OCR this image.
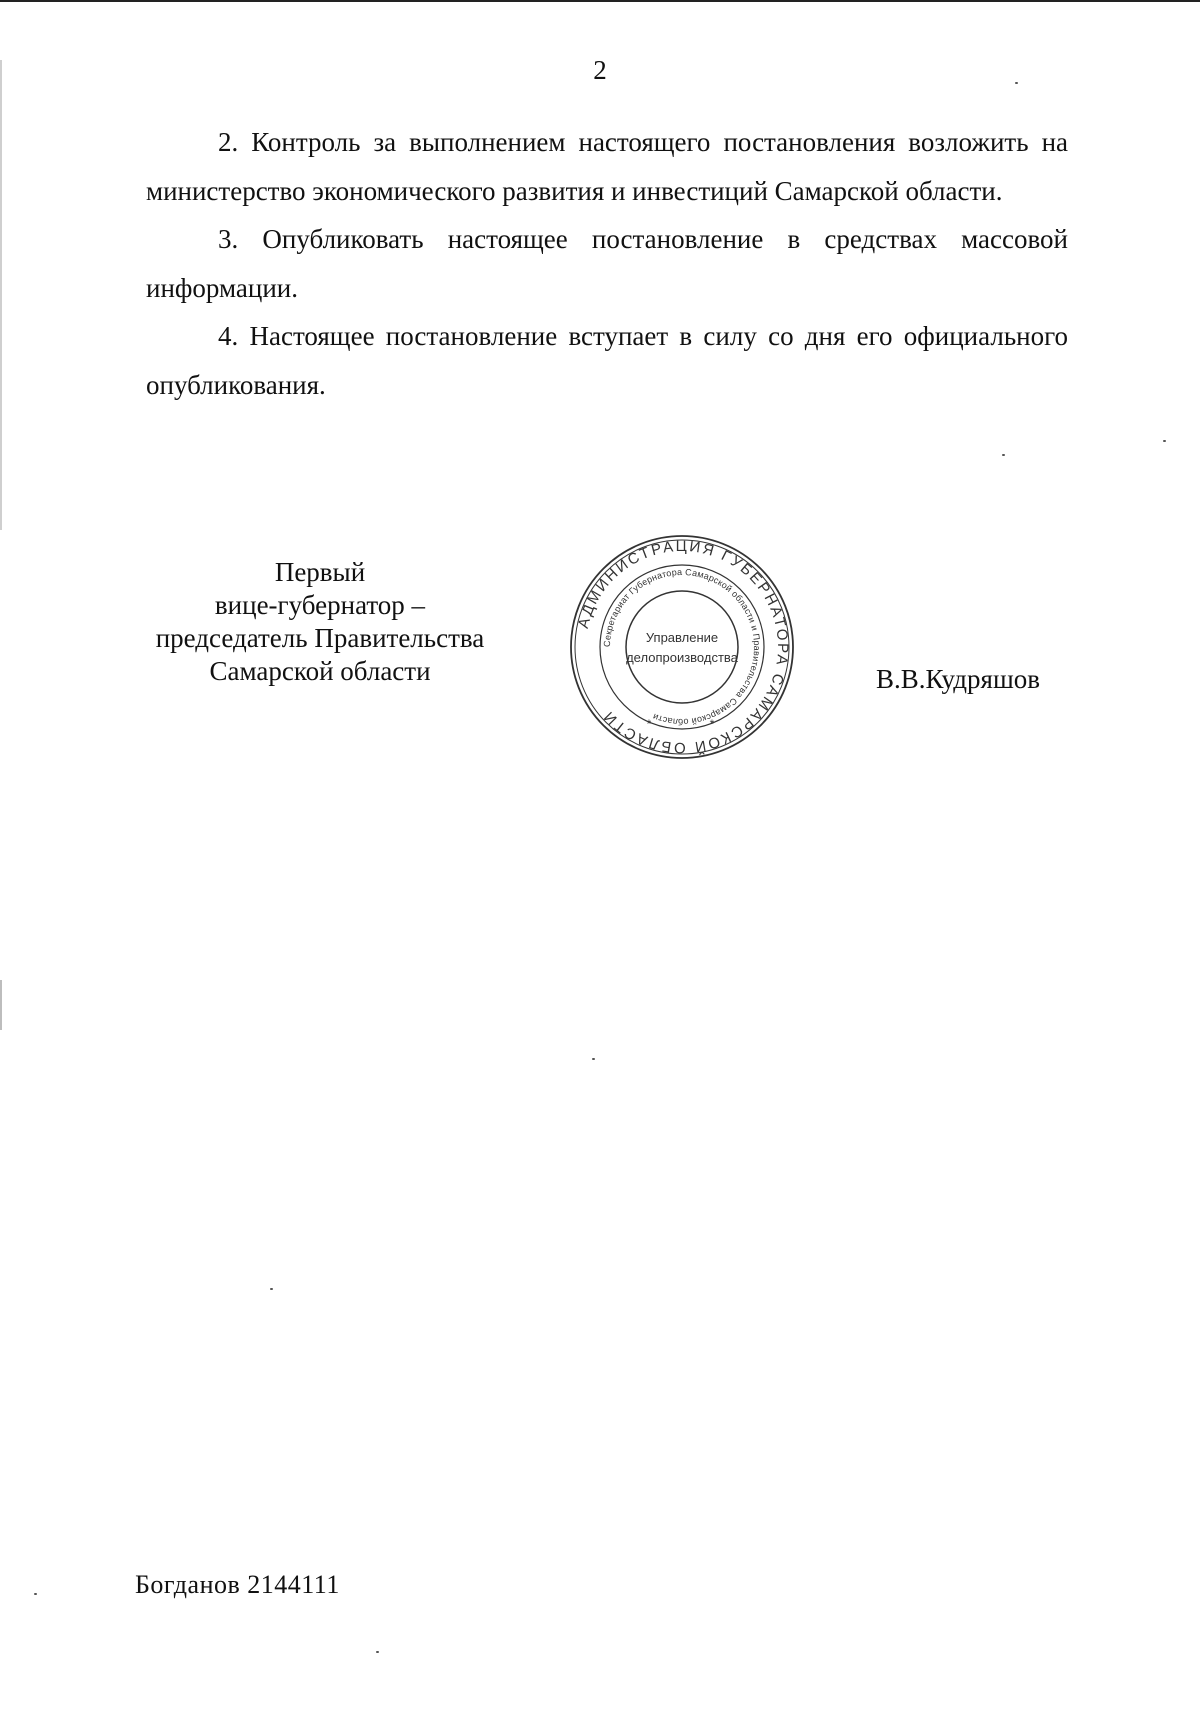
2

2. Контроль за выполнением настоящего постановления возложить на министерство экономического развития и инвестиций Самарской области.

3. Опубликовать настоящее постановление в средствах массовой информации.

4. Настоящее постановление вступает в силу со дня его официального опубликования.

Первый
вице-губернатор –
председатель Правительства
Самарской области
АДМИНИСТРАЦИЯ ГУБЕРНАТОРА САМАРСКОЙ ОБЛАСТИ
Секретариат Губернатора Самарской области и Правительства Самарской области
Управление
делопроизводства
*	*
В.В.Кудряшов
Богданов 2144111
